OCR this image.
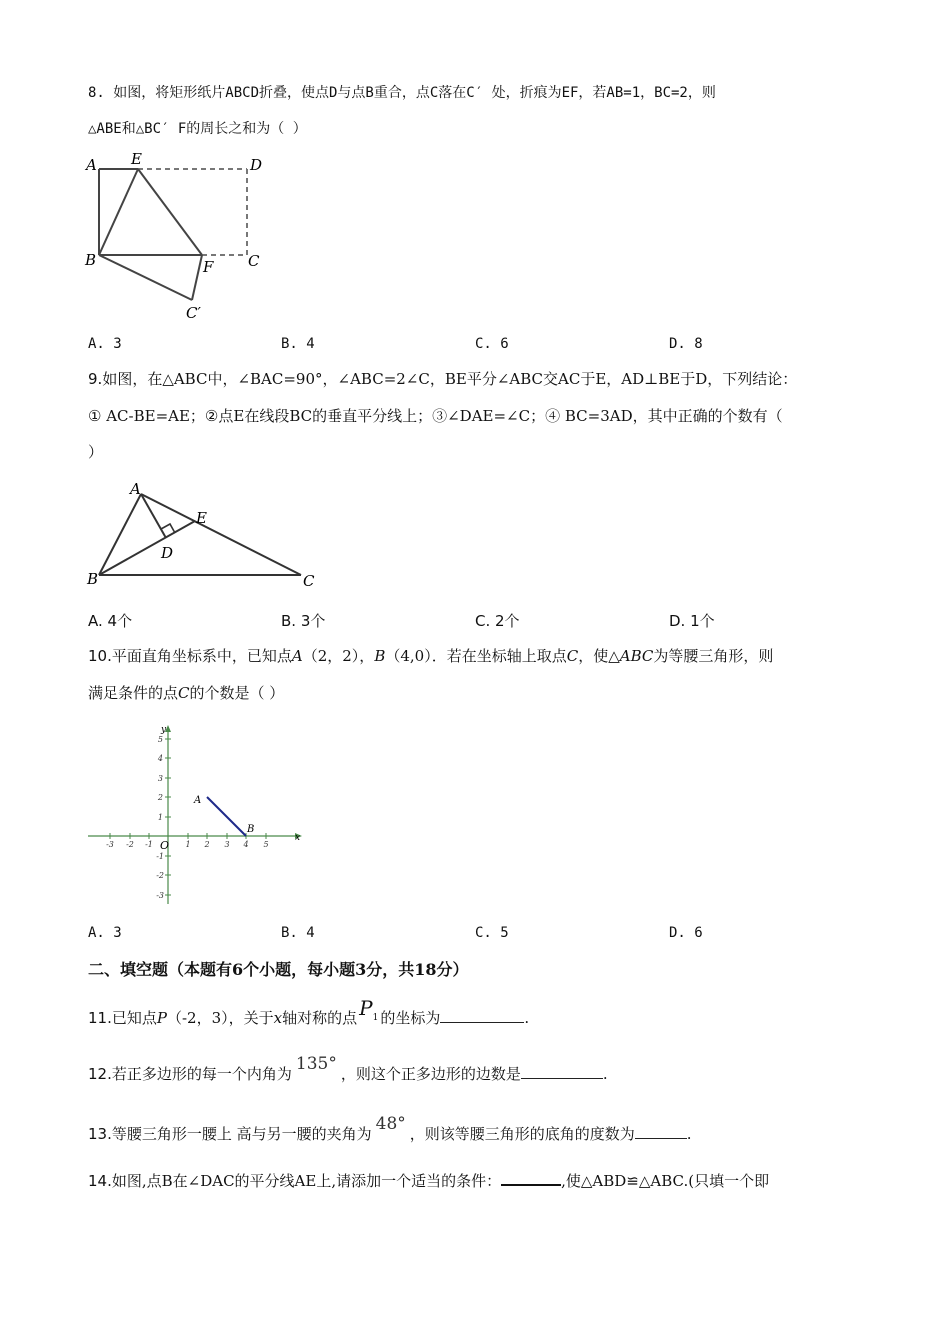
8. 如图，将矩形纸片ABCD折叠，使点D与点B重合，点C落在C′ 处，折痕为EF，若AB=1，BC=2，则
△ABE和△BC′ F的周长之和为（ ）
A E	D
B	F C
C′
A. 3	B. 4	C. 6	D. 8
9.如图，在△ABC中，∠BAC=90°，∠ABC=2∠C，BE平分∠ABC交AC于E，AD⊥BE于D，下列结论：
① AC-BE=AE；②点E在线段BC的垂直平分线上；③∠DAE=∠C；④ BC=3AD，其中正确的个数有（
）
A
E
D
B	C
A. 4个	B. 3个	C. 2个	D. 1个
10.平面直角坐标系中，已知点A（2，2），B（4,0）．若在坐标轴上取点C，使△ABC为等腰三角形，则
满足条件的点C的个数是（ ）
-3 -2 -1	1 2 3 4 5
5
4
3
2
1
-1
-2
-3
O
x
y
A
B
A. 3	B. 4	C. 5	D. 6
二、填空题（本题有6个小题，每小题3分，共18分）
11.已知点P（-2，3），关于x轴对称的点 $P_1$ 的坐标为	.
12.若正多边形的每一个内角为 135° ，则这个正多边形的边数是	.
13.等腰三角形一腰上 高与另一腰的夹角为 48° ，则该等腰三角形的底角的度数为	.
14.如图,点B在∠DAC的平分线AE上,请添加一个适当的条件：	,使△ABD≌△ABC.(只填一个即
